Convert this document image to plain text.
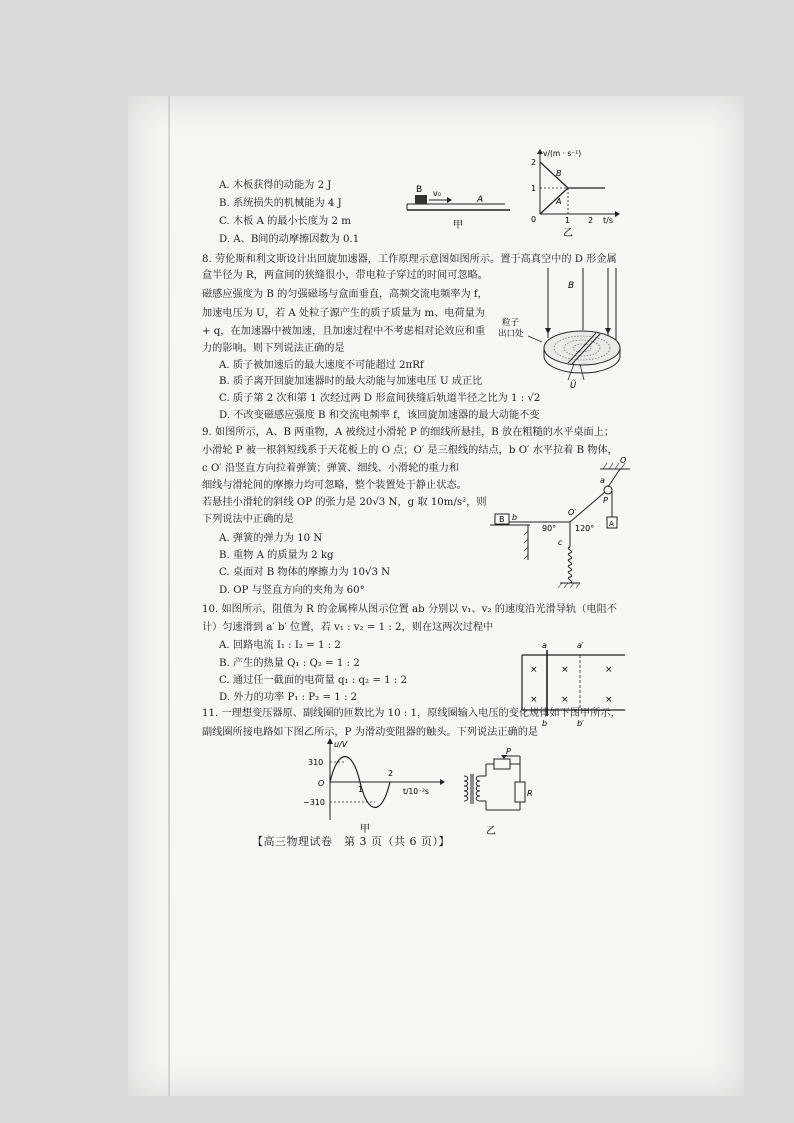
A. 木板获得的动能为 2 J
B. 系统损失的机械能为 4 J
C. 木板 A 的最小长度为 2 m
D. A、B间的动摩擦因数为 0.1
B v₀
A
甲
v/(m · s⁻¹)
2
1
0	1 2 t/s
B
A
乙
8. 劳伦斯和利文斯设计出回旋加速器，工作原理示意图如图所示。置于高真空中的 D 形金属
盒半径为 R，两盒间的狭缝很小，带电粒子穿过的时间可忽略。
磁感应强度为 B 的匀强磁场与盒面垂直，高频交流电频率为 f，
加速电压为 U，若 A 处粒子源产生的质子质量为 m、电荷量为
+ q，在加速器中被加速，且加速过程中不考虑相对论效应和重
力的影响。则下列说法正确的是
A. 质子被加速后的最大速度不可能超过 2πRf
B. 质子离开回旋加速器时的最大动能与加速电压 U 成正比
C. 质子第 2 次和第 1 次经过两 D 形盒间狭缝后轨道半径之比为 1 : √2
D. 不改变磁感应强度 B 和交流电频率 f，该回旋加速器的最大动能不变
B
粒子
出口处
Ũ
9. 如图所示，A、B 两重物，A 被绕过小滑轮 P 的细线所悬挂，B 放在粗糙的水平桌面上；
小滑轮 P 被一根斜短线系于天花板上的 O 点；O′ 是三根线的结点，b O′ 水平拉着 B 物体，
c O′ 沿竖直方向拉着弹簧；弹簧、细线、小滑轮的重力和
细线与滑轮间的摩擦力均可忽略，整个装置处于静止状态。
若悬挂小滑轮的斜线 OP 的张力是 20√3 N，g 取 10m/s²，则
下列说法中正确的是
A. 弹簧的弹力为 10 N
B. 重物 A 的质量为 2 kg
C. 桌面对 B 物体的摩擦力为 10√3 N
D. OP 与竖直方向的夹角为 60°
O
a
P
A
B b
O′
90° 120°
c
10. 如图所示，阻值为 R 的金属棒从图示位置 ab 分别以 v₁、v₂ 的速度沿光滑导轨（电阻不
计）匀速滑到 a′ b′ 位置，若 v₁ : v₂ = 1 : 2，则在这两次过程中
A. 回路电流 I₁ : I₂ = 1 : 2
B. 产生的热量 Q₁ : Q₂ = 1 : 2
C. 通过任一截面的电荷量 q₁ : q₂ = 1 : 2
D. 外力的功率 P₁ : P₂ = 1 : 2
a	a′
b	b′
×	×	×
×	×	×
11. 一理想变压器原、副线圈的匝数比为 10 : 1，原线圈输入电压的变化规律如下图甲所示，
副线圈所接电路如下图乙所示，P 为滑动变阻器的触头。下列说法正确的是
u/V
310
O
−310
1
2
t/10⁻²s
甲
P
R
乙
【高三物理试卷　第 3 页（共 6 页）】
